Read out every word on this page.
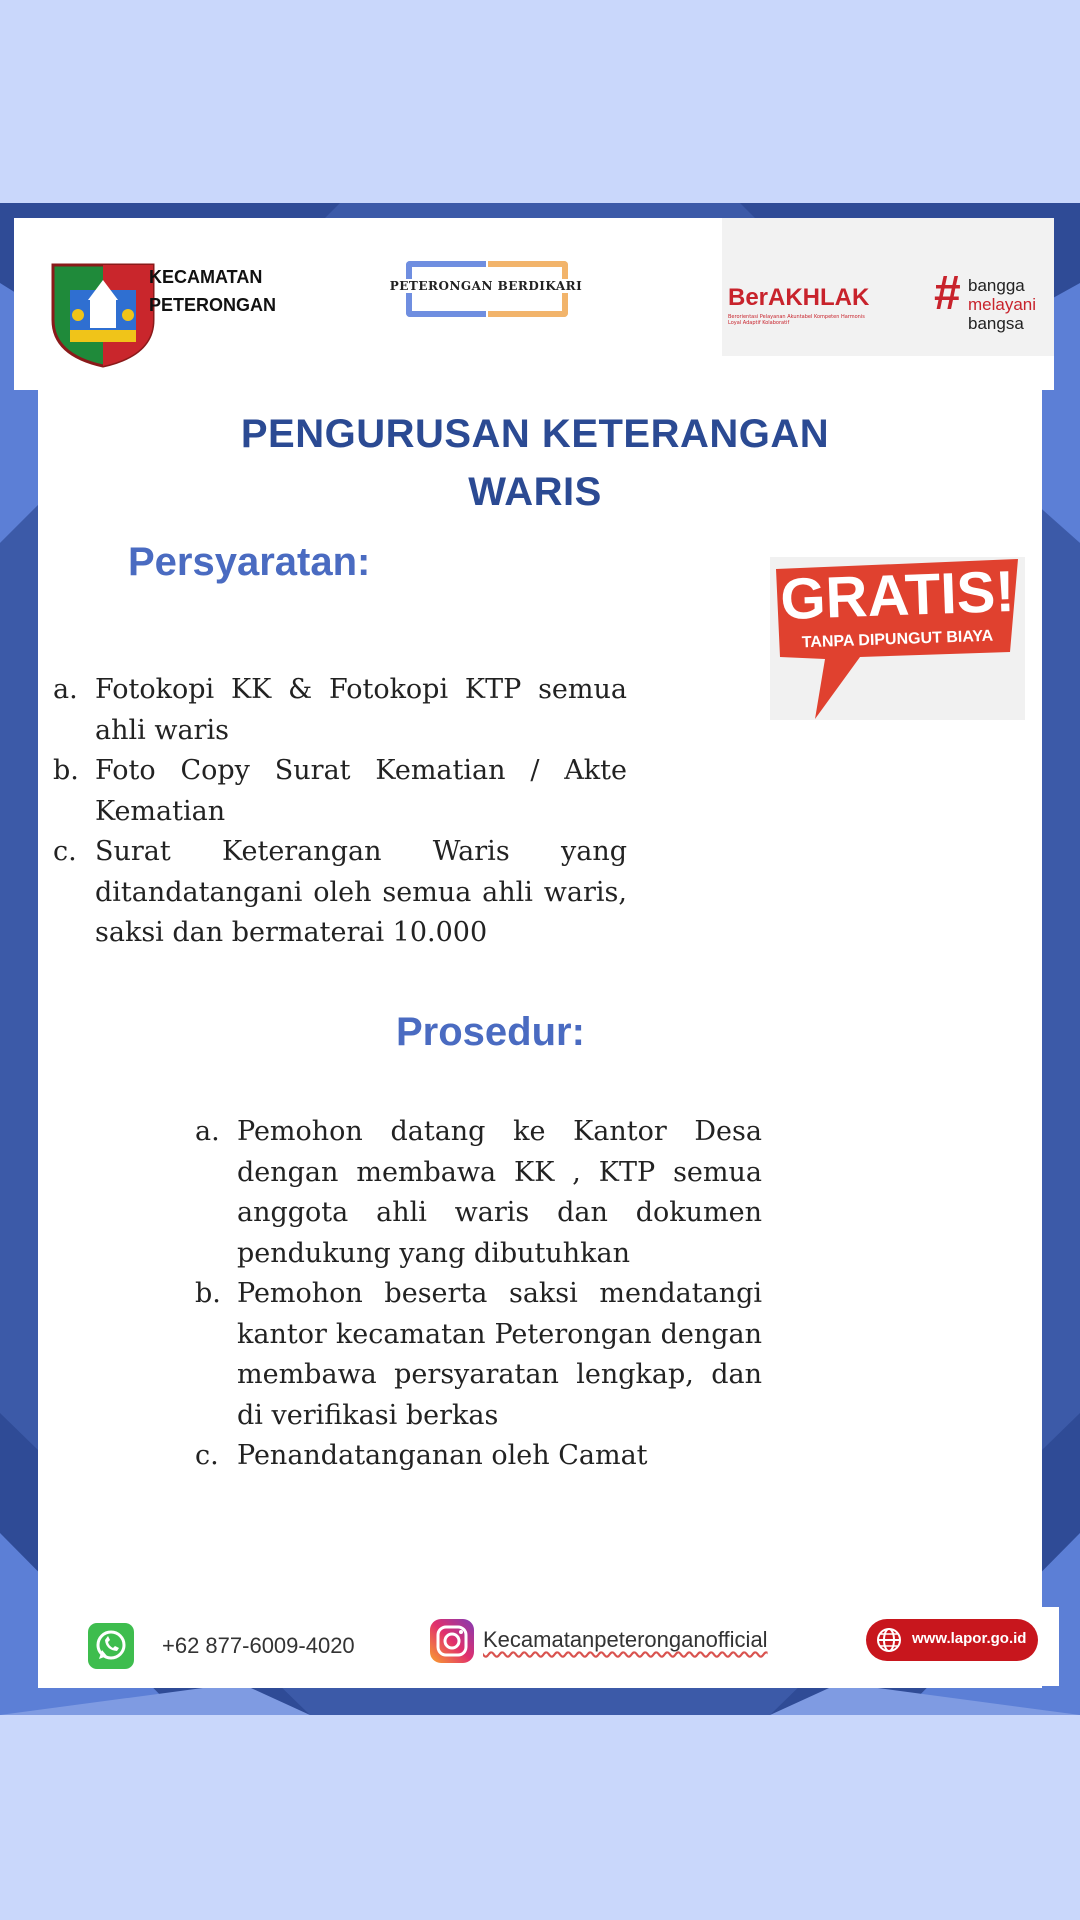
KECAMATAN
PETERONGAN
PETERONGAN BERDIKARI	BerAKHLAK
Berorientasi Pelayanan Akuntabel Kompeten Harmonis Loyal Adaptif Kolaboratif
# bangga
melayani
bangsa
PENGURUSAN KETERANGAN
WARIS
Persyaratan:	GRATIS!
TANPA DIPUNGUT BIAYA
a. Fotokopi KK & Fotokopi KTP semua ahli waris
b. Foto Copy Surat Kematian / Akte Kematian
c. Surat Keterangan Waris yang ditandatangani oleh semua ahli waris, saksi dan bermaterai 10.000
Prosedur:
a. Pemohon datang ke Kantor Desa dengan membawa KK , KTP semua anggota ahli waris dan dokumen pendukung yang dibutuhkan
b. Pemohon beserta saksi mendatangi kantor kecamatan Peterongan dengan membawa persyaratan lengkap, dan di verifikasi berkas
c. Penandatanganan oleh Camat
+62 877-6009-4020	Kecamatanpeterongan​official	www.lapor.go.id
